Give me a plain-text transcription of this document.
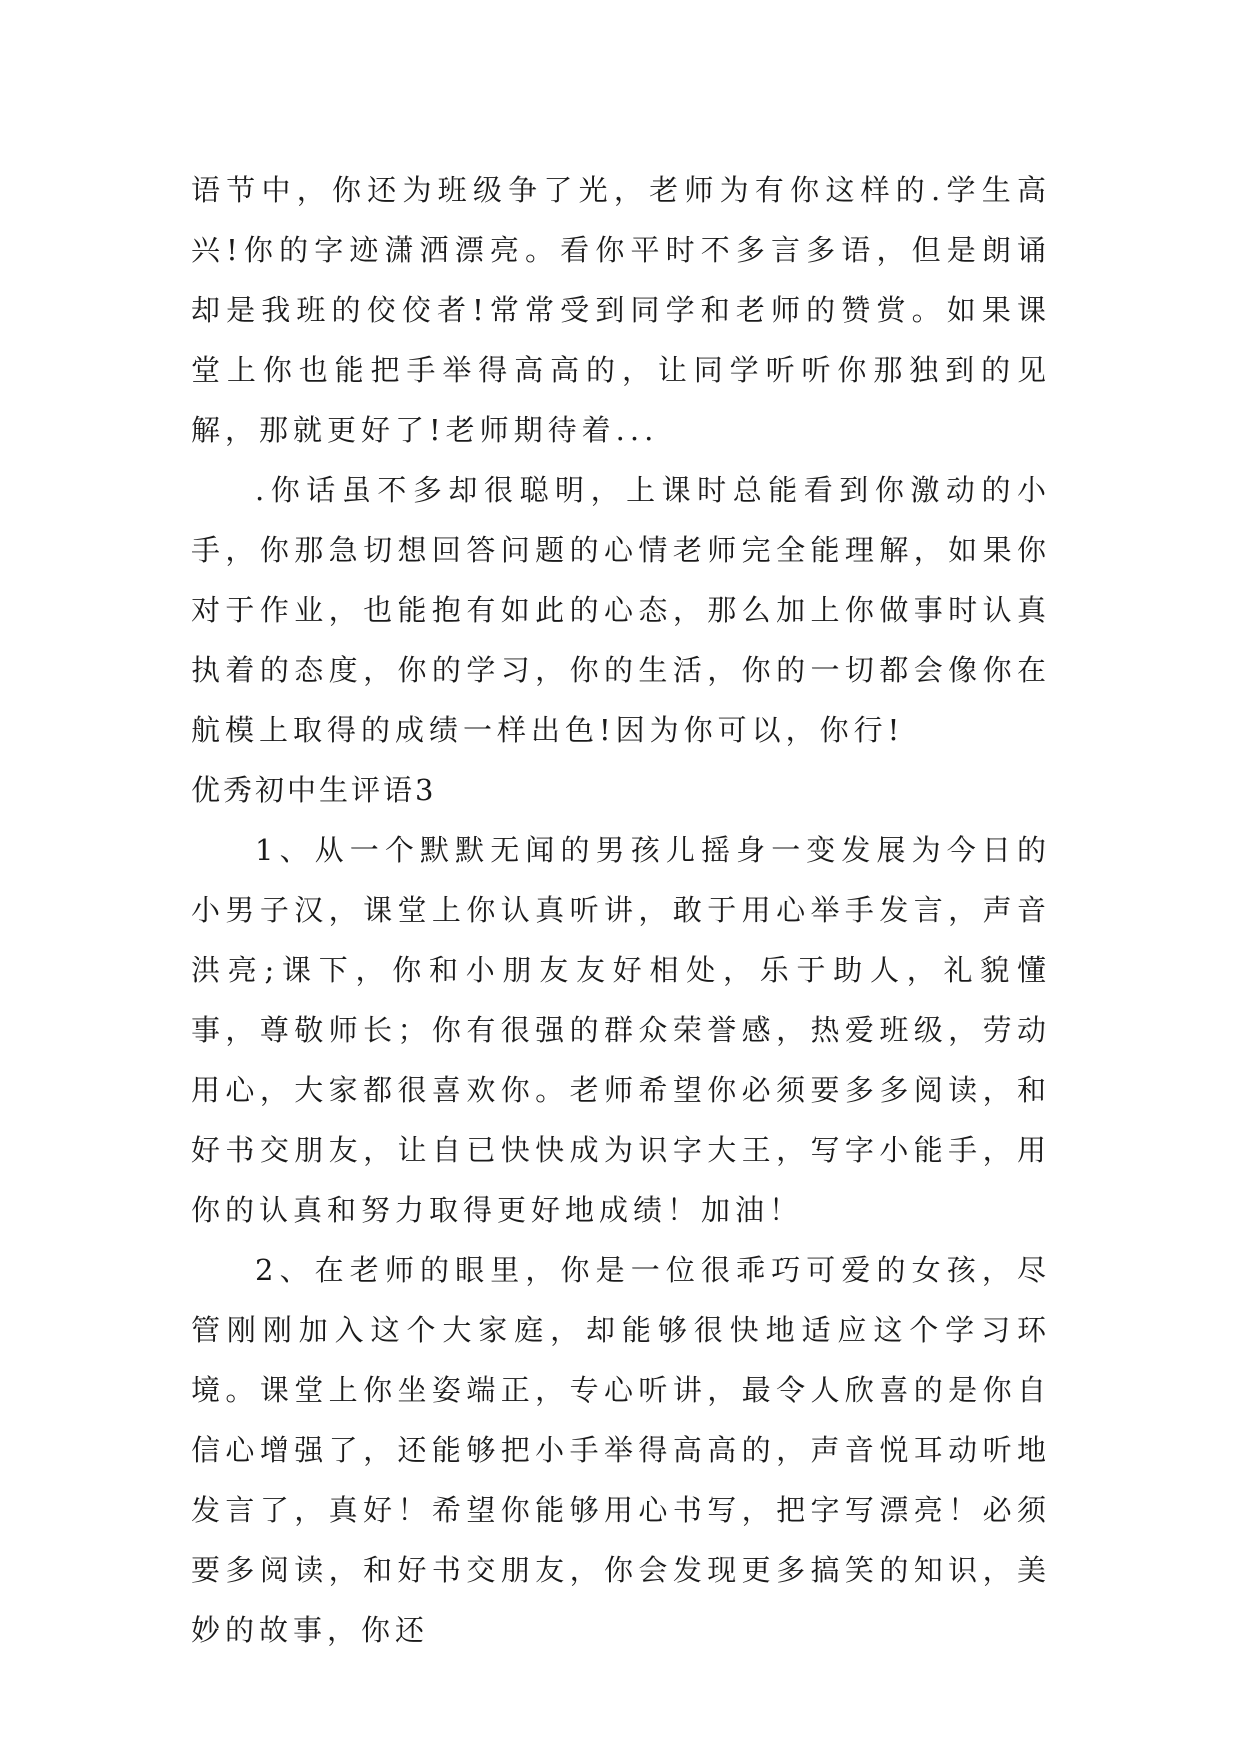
语节中，你还为班级争了光，老师为有你这样的.学生高兴!你的字迹潇洒漂亮。看你平时不多言多语，但是朗诵却是我班的佼佼者!常常受到同学和老师的赞赏。如果课堂上你也能把手举得高高的，让同学听听你那独到的见解，那就更好了!老师期待着...

.你话虽不多却很聪明，上课时总能看到你激动的小手，你那急切想回答问题的心情老师完全能理解，如果你对于作业，也能抱有如此的心态，那么加上你做事时认真执着的态度，你的学习，你的生活，你的一切都会像你在航模上取得的成绩一样出色!因为你可以，你行!

优秀初中生评语3

1、从一个默默无闻的男孩儿摇身一变发展为今日的小男子汉，课堂上你认真听讲，敢于用心举手发言，声音洪亮;课下，你和小朋友友好相处，乐于助人，礼貌懂事，尊敬师长；你有很强的群众荣誉感，热爱班级，劳动用心，大家都很喜欢你。老师希望你必须要多多阅读，和好书交朋友，让自已快快成为识字大王，写字小能手，用你的认真和努力取得更好地成绩！加油！

2、在老师的眼里，你是一位很乖巧可爱的女孩，尽管刚刚加入这个大家庭，却能够很快地适应这个学习环境。课堂上你坐姿端正，专心听讲，最令人欣喜的是你自信心增强了，还能够把小手举得高高的，声音悦耳动听地发言了，真好！希望你能够用心书写，把字写漂亮！必须要多阅读，和好书交朋友，你会发现更多搞笑的知识，美妙的故事，你还
